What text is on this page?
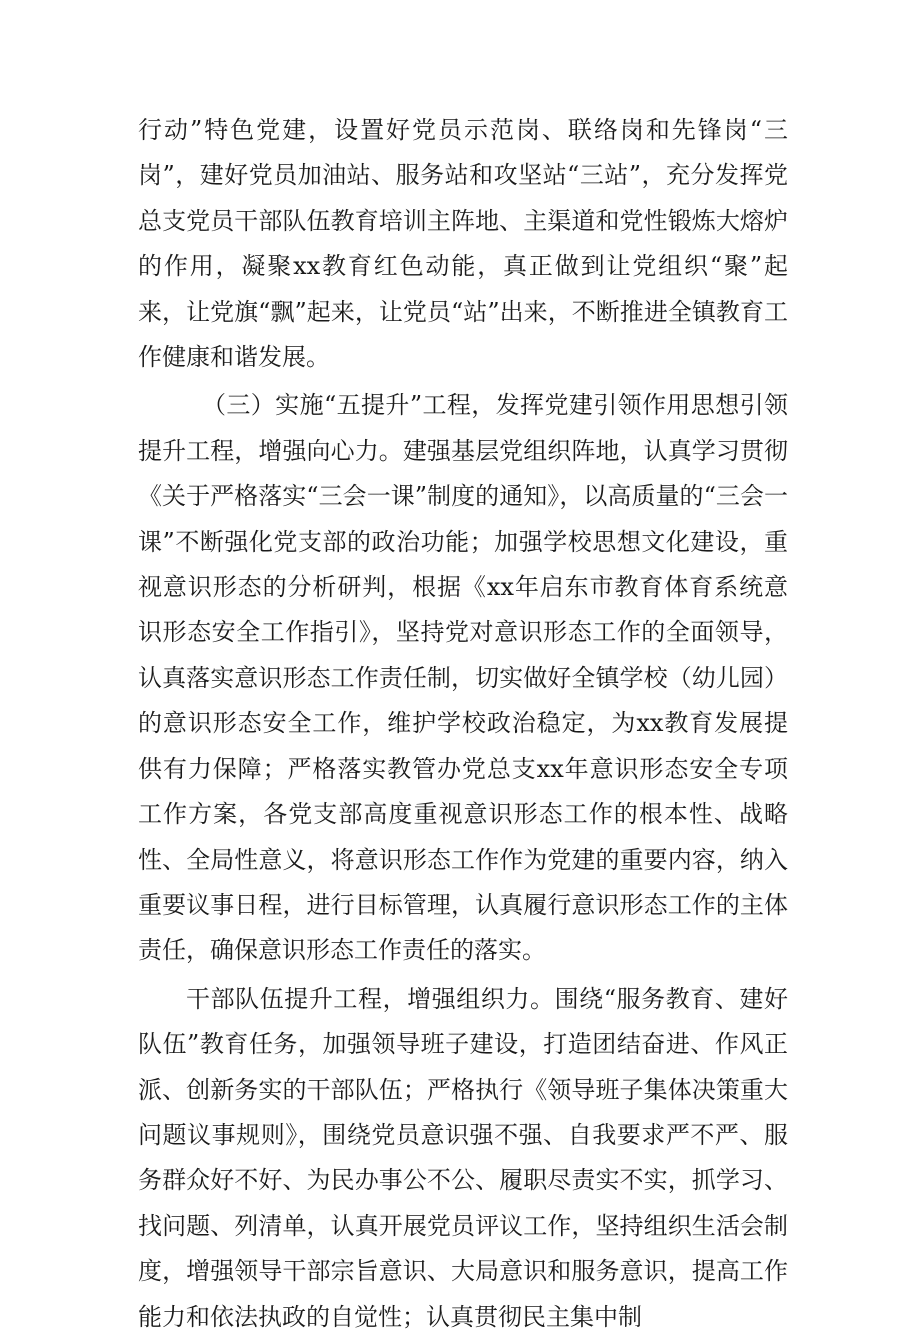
行动”特色党建，设置好党员示范岗、联络岗和先锋岗“三岗”，建好党员加油站、服务站和攻坚站“三站”，充分发挥党总支党员干部队伍教育培训主阵地、主渠道和党性锻炼大熔炉的作用，凝聚xx教育红色动能，真正做到让党组织“聚”起来，让党旗“飘”起来，让党员“站”出来，不断推进全镇教育工作健康和谐发展。

（三）实施“五提升”工程，发挥党建引领作用思想引领提升工程，增强向心力。建强基层党组织阵地，认真学习贯彻《关于严格落实“三会一课”制度的通知》，以高质量的“三会一课”不断强化党支部的政治功能；加强学校思想文化建设，重视意识形态的分析研判，根据《xx年启东市教育体育系统意识形态安全工作指引》，坚持党对意识形态工作的全面领导，认真落实意识形态工作责任制，切实做好全镇学校（幼儿园）的意识形态安全工作，维护学校政治稳定，为xx教育发展提供有力保障；严格落实教管办党总支xx年意识形态安全专项工作方案，各党支部高度重视意识形态工作的根本性、战略性、全局性意义，将意识形态工作作为党建的重要内容，纳入重要议事日程，进行目标管理，认真履行意识形态工作的主体责任，确保意识形态工作责任的落实。

干部队伍提升工程，增强组织力。围绕“服务教育、建好队伍”教育任务，加强领导班子建设，打造团结奋进、作风正派、创新务实的干部队伍；严格执行《领导班子集体决策重大问题议事规则》，围绕党员意识强不强、自我要求严不严、服务群众好不好、为民办事公不公、履职尽责实不实，抓学习、找问题、列清单，认真开展党员评议工作，坚持组织生活会制度，增强领导干部宗旨意识、大局意识和服务意识，提高工作能力和依法执政的自觉性；认真贯彻民主集中制
